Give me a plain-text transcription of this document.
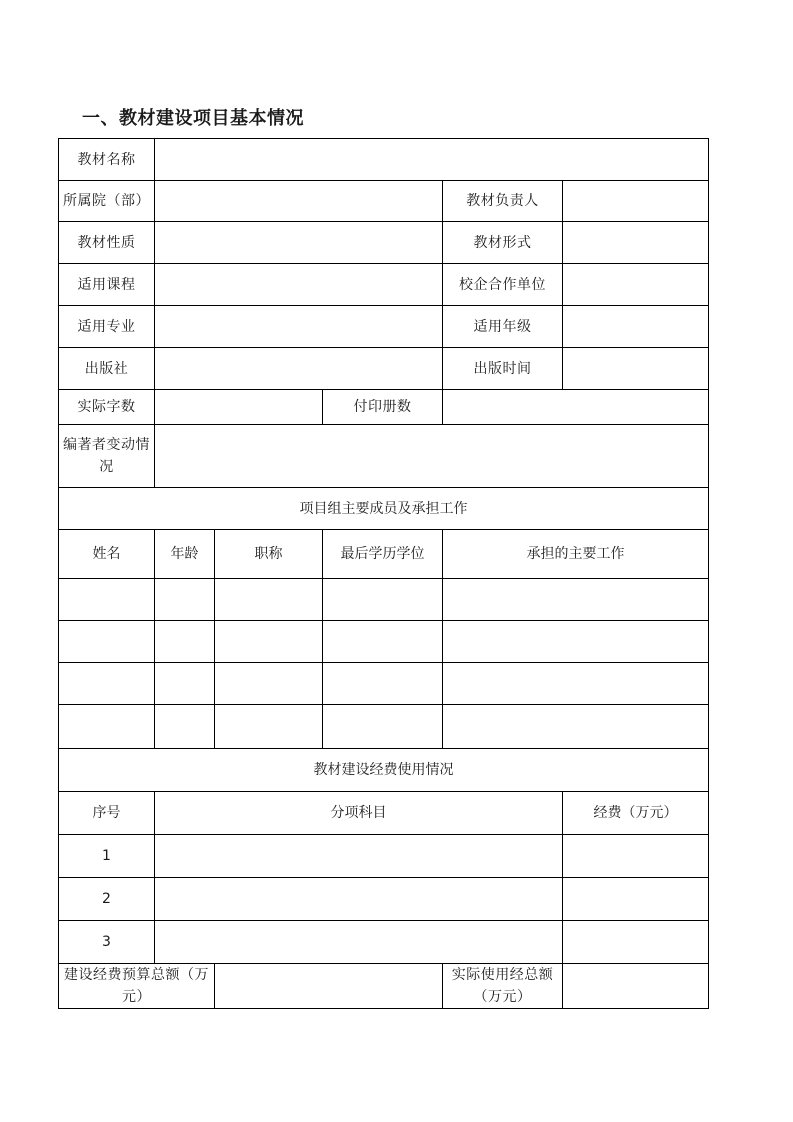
一、教材建设项目基本情况
教材名称					
所属院（部）				教材负责人	
教材性质				教材形式	
适用课程				校企合作单位	
适用专业				适用年级	
出版社				出版时间	
实际字数			付印册数		
编著者变动情况					
项目组主要成员及承担工作					
姓名	年龄	职称	最后学历学位	承担的主要工作	

教材建设经费使用情况					
序号	分项科目				经费（万元）
1					
2					
3					
建设经费预算总额（万元）				实际使用经总额（万元）	
